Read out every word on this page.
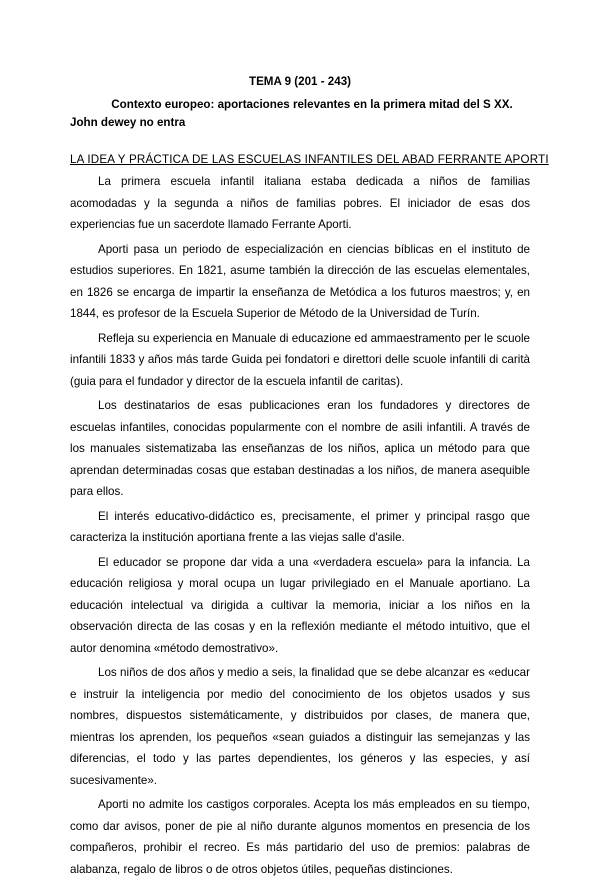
TEMA 9 (201 - 243)
Contexto europeo: aportaciones relevantes en la primera mitad del S XX.
John dewey no entra
LA IDEA Y PRÁCTICA DE LAS ESCUELAS INFANTILES DEL ABAD FERRANTE APORTI

La primera escuela infantil italiana estaba dedicada a niños de familias acomodadas y la segunda a niños de familias pobres. El iniciador de esas dos experiencias fue un sacerdote llamado Ferrante Aporti.

Aporti pasa un periodo de especialización en ciencias bíblicas en el instituto de estudios superiores. En 1821, asume también la dirección de las escuelas elementales, en 1826 se encarga de impartir la enseñanza de Metódica a los futuros maestros; y, en 1844, es profesor de la Escuela Superior de Método de la Universidad de Turín.

Refleja su experiencia en Manuale di educazione ed ammaestramento per le scuole infantili 1833 y años más tarde Guida pei fondatori e direttori delle scuole infantili di carità (guia para el fundador y director de la escuela infantil de caritas).

Los destinatarios de esas publicaciones eran los fundadores y directores de escuelas infantiles, conocidas popularmente con el nombre de asili infantili. A través de los manuales sistematizaba las enseñanzas de los niños, aplica un método para que aprendan determinadas cosas que estaban destinadas a los niños, de manera asequible para ellos.

El interés educativo-didáctico es, precisamente, el primer y principal rasgo que caracteriza la institución aportiana frente a las viejas salle d'asile.

El educador se propone dar vida a una «verdadera escuela» para la infancia. La educación religiosa y moral ocupa un lugar privilegiado en el Manuale aportiano. La educación intelectual va dirigida a cultivar la memoria, iniciar a los niños en la observación directa de las cosas y en la reflexión mediante el método intuitivo, que el autor denomina «método demostrativo».

Los niños de dos años y medio a seis, la finalidad que se debe alcanzar es «educar e instruir la inteligencia por medio del conocimiento de los objetos usados y sus nombres, dispuestos sistemáticamente, y distribuidos por clases, de manera que, mientras los aprenden, los pequeños «sean guiados a distinguir las semejanzas y las diferencias, el todo y las partes dependientes, los géneros y las especies, y así sucesivamente».

Aporti no admite los castigos corporales. Acepta los más empleados en su tiempo, como dar avisos, poner de pie al niño durante algunos momentos en presencia de los compañeros, prohibir el recreo. Es más partidario del uso de premios: palabras de alabanza, regalo de libros o de otros objetos útiles, pequeñas distinciones.
